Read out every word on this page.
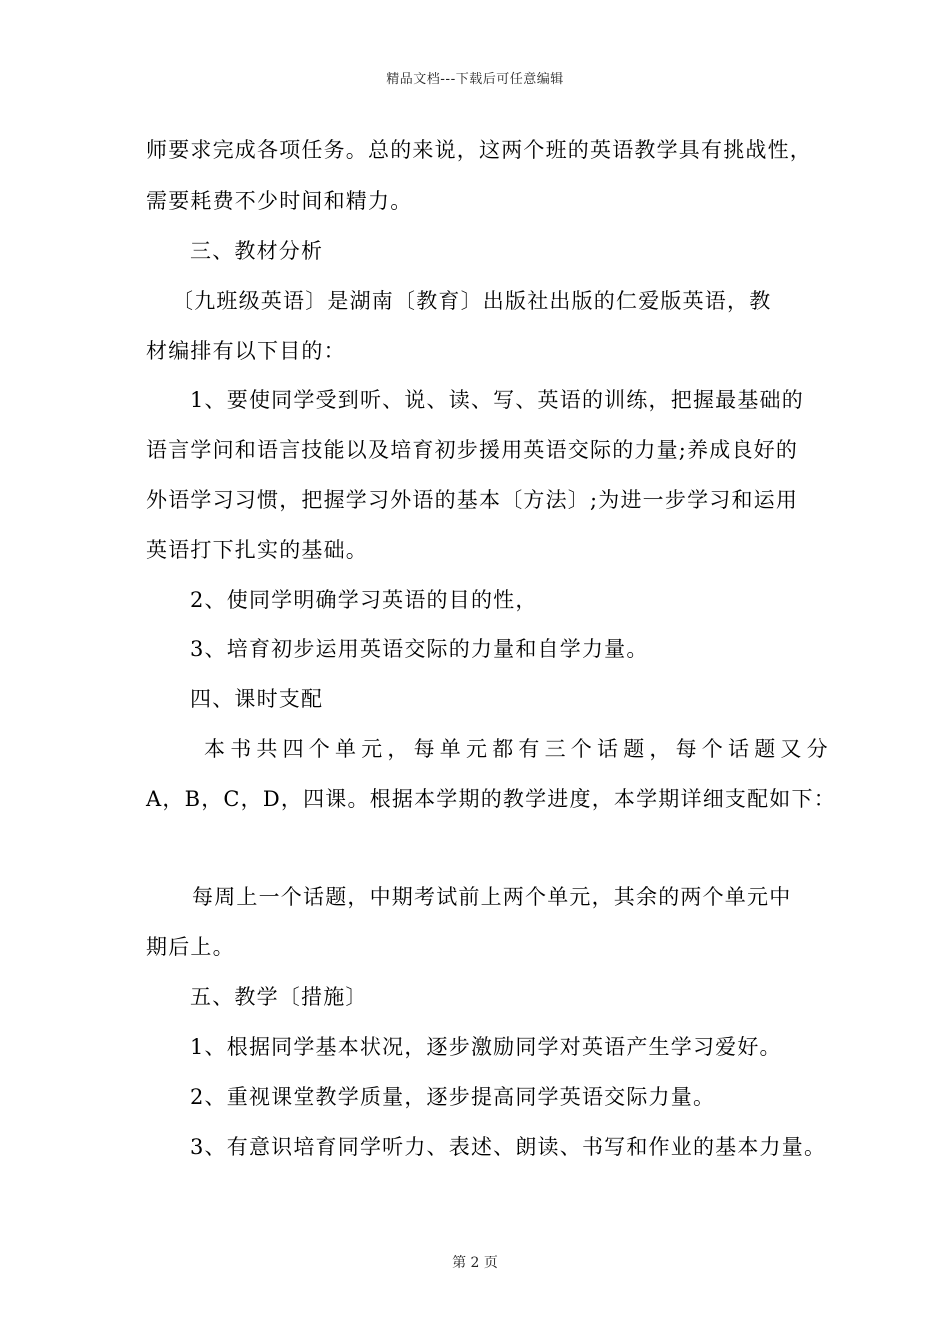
精品文档---下载后可任意编辑
师要求完成各项任务。总的来说，这两个班的英语教学具有挑战性，
需要耗费不少时间和精力。
三、教材分析
〔九班级英语〕是湖南〔教育〕出版社出版的仁爱版英语，教
材编排有以下目的：
1、要使同学受到听、说、读、写、英语的训练，把握最基础的
语言学问和语言技能以及培育初步援用英语交际的力量;养成良好的
外语学习习惯，把握学习外语的基本〔方法〕;为进一步学习和运用
英语打下扎实的基础。
2、使同学明确学习英语的目的性，
3、培育初步运用英语交际的力量和自学力量。
四、课时支配
本书共四个单元，每单元都有三个话题，每个话题又分
A，B，C，D，四课。根据本学期的教学进度，本学期详细支配如下：
每周上一个话题，中期考试前上两个单元，其余的两个单元中
期后上。
五、教学〔措施〕
1、根据同学基本状况，逐步激励同学对英语产生学习爱好。
2、重视课堂教学质量，逐步提高同学英语交际力量。
3、有意识培育同学听力、表述、朗读、书写和作业的基本力量。
第 2 页
